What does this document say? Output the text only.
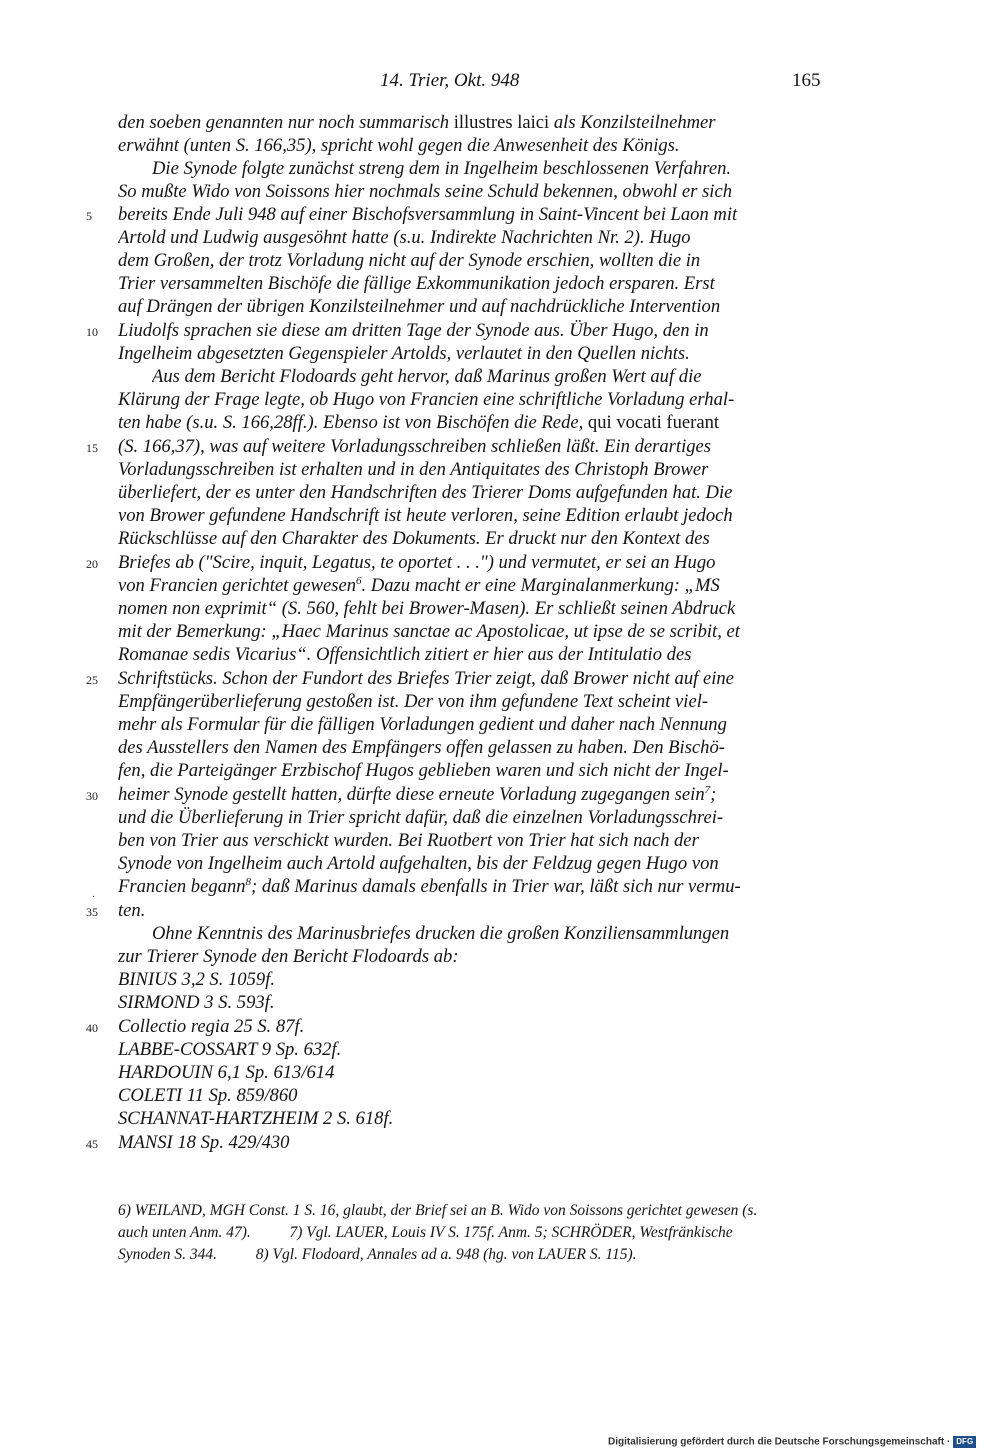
14. Trier, Okt. 948	165
5
10
15
20
25
30
35
40
45
·
den soeben genannten nur noch summarisch illustres laici als Konzilsteilnehmer
erwähnt (unten S. 166,35), spricht wohl gegen die Anwesenheit des Königs.
Die Synode folgte zunächst streng dem in Ingelheim beschlossenen Verfahren.
So mußte Wido von Soissons hier nochmals seine Schuld bekennen, obwohl er sich
bereits Ende Juli 948 auf einer Bischofsversammlung in Saint-Vincent bei Laon mit
Artold und Ludwig ausgesöhnt hatte (s.u. Indirekte Nachrichten Nr. 2). Hugo
dem Großen, der trotz Vorladung nicht auf der Synode erschien, wollten die in
Trier versammelten Bischöfe die fällige Exkommunikation jedoch ersparen. Erst
auf Drängen der übrigen Konzilsteilnehmer und auf nachdrückliche Intervention
Liudolfs sprachen sie diese am dritten Tage der Synode aus. Über Hugo, den in
Ingelheim abgesetzten Gegenspieler Artolds, verlautet in den Quellen nichts.
Aus dem Bericht Flodoards geht hervor, daß Marinus großen Wert auf die
Klärung der Frage legte, ob Hugo von Francien eine schriftliche Vorladung erhal-
ten habe (s.u. S. 166,28ff.). Ebenso ist von Bischöfen die Rede, qui vocati fuerant
(S. 166,37), was auf weitere Vorladungsschreiben schließen läßt. Ein derartiges
Vorladungsschreiben ist erhalten und in den Antiquitates des Christoph Brower
überliefert, der es unter den Handschriften des Trierer Doms aufgefunden hat. Die
von Brower gefundene Handschrift ist heute verloren, seine Edition erlaubt jedoch
Rückschlüsse auf den Charakter des Dokuments. Er druckt nur den Kontext des
Briefes ab ("Scire, inquit, Legatus, te oportet . . .") und vermutet, er sei an Hugo
von Francien gerichtet gewesen$^6$. Dazu macht er eine Marginalanmerkung: „MS
nomen non exprimit“ (S. 560, fehlt bei Brower-Masen). Er schließt seinen Abdruck
mit der Bemerkung: „Haec Marinus sanctae ac Apostolicae, ut ipse de se scribit, et
Romanae sedis Vicarius“. Offensichtlich zitiert er hier aus der Intitulatio des
Schriftstücks. Schon der Fundort des Briefes Trier zeigt, daß Brower nicht auf eine
Empfängerüberlieferung gestoßen ist. Der von ihm gefundene Text scheint viel-
mehr als Formular für die fälligen Vorladungen gedient und daher nach Nennung
des Ausstellers den Namen des Empfängers offen gelassen zu haben. Den Bischö-
fen, die Parteigänger Erzbischof Hugos geblieben waren und sich nicht der Ingel-
heimer Synode gestellt hatten, dürfte diese erneute Vorladung zugegangen sein$^7$;
und die Überlieferung in Trier spricht dafür, daß die einzelnen Vorladungsschrei-
ben von Trier aus verschickt wurden. Bei Ruotbert von Trier hat sich nach der
Synode von Ingelheim auch Artold aufgehalten, bis der Feldzug gegen Hugo von
Francien begann$^8$; daß Marinus damals ebenfalls in Trier war, läßt sich nur vermu-
ten.
Ohne Kenntnis des Marinusbriefes drucken die großen Konziliensammlungen
zur Trierer Synode den Bericht Flodoards ab:
BINIUS 3,2 S. 1059f.
SIRMOND 3 S. 593f.
Collectio regia 25 S. 87f.
LABBE-COSSART 9 Sp. 632f.
HARDOUIN 6,1 Sp. 613/614
COLETI 11 Sp. 859/860
SCHANNAT-HARTZHEIM 2 S. 618f.
MANSI 18 Sp. 429/430
6) WEILAND, MGH Const. 1 S. 16, glaubt, der Brief sei an B. Wido von Soissons gerichtet gewesen (s.
auch unten Anm. 47).          7) Vgl. LAUER, Louis IV S. 175f. Anm. 5; SCHRÖDER, Westfränkische
Synoden S. 344.          8) Vgl. Flodoard, Annales ad a. 948 (hg. von LAUER S. 115).
Digitalisierung gefördert durch die Deutsche Forschungsgemeinschaft · DFG
